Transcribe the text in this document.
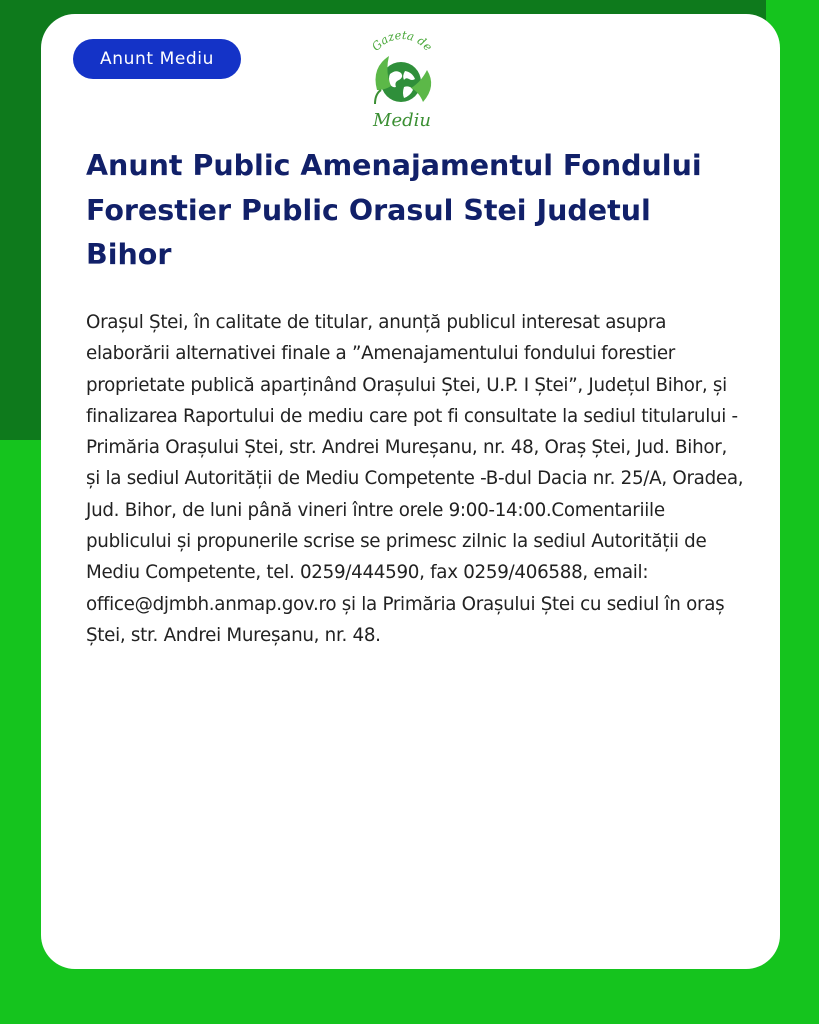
Anunt Mediu
Gazeta de
Mediu
Anunt Public Amenajamentul Fondului Forestier Public Orasul Stei Judetul Bihor

Orașul Ștei, în calitate de titular, anunță publicul interesat asupra elaborării alternativei finale a ”Amenajamentului fondului forestier proprietate publică aparținând Orașului Ștei, U.P. I Ștei”, Județul Bihor, și finalizarea Raportului de mediu care pot fi consultate la sediul titularului -Primăria Orașului Ștei, str. Andrei Mureșanu, nr. 48, Oraș Ștei, Jud. Bihor, și la sediul Autorității de Mediu Competente -B-dul Dacia nr. 25/A, Oradea, Jud. Bihor, de luni până vineri între orele 9:00-14:00.Comentariile publicului și propunerile scrise se primesc zilnic la sediul Autorității de Mediu Competente, tel. 0259/444590, fax 0259/406588, email: office@djmbh.anmap.gov.ro și la Primăria Orașului Ștei cu sediul în oraș Ștei, str. Andrei Mureșanu, nr. 48.
